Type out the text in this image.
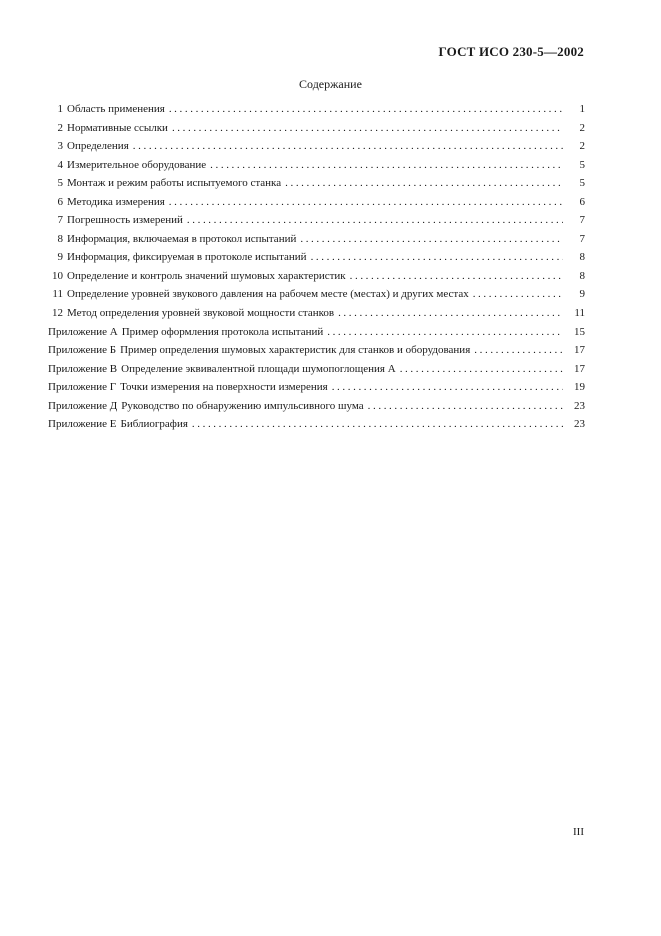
ГОСТ ИСО 230-5—2002
Содержание
1 Область применения .....	1
2 Нормативные ссылки .....	2
3 Определения .....	2
4 Измерительное оборудование .....	5
5 Монтаж и режим работы испытуемого станка .....	5
6 Методика измерения .....	6
7 Погрешность измерений .....	7
8 Информация, включаемая в протокол испытаний .....	7
9 Информация, фиксируемая в протоколе испытаний .....	8
10 Определение и контроль значений шумовых характеристик .....	8
11 Определение уровней звукового давления на рабочем месте (местах) и других местах .....	9
12 Метод определения уровней звуковой мощности станков .....	11
Приложение А Пример оформления протокола испытаний .....	15
Приложение Б Пример определения шумовых характеристик для станков и оборудования .....	17
Приложение В Определение эквивалентной площади шумопоглощения A .....	17
Приложение Г Точки измерения на поверхности измерения .....	19
Приложение Д Руководство по обнаружению импульсивного шума .....	23
Приложение Е Библиография .....	23
III
